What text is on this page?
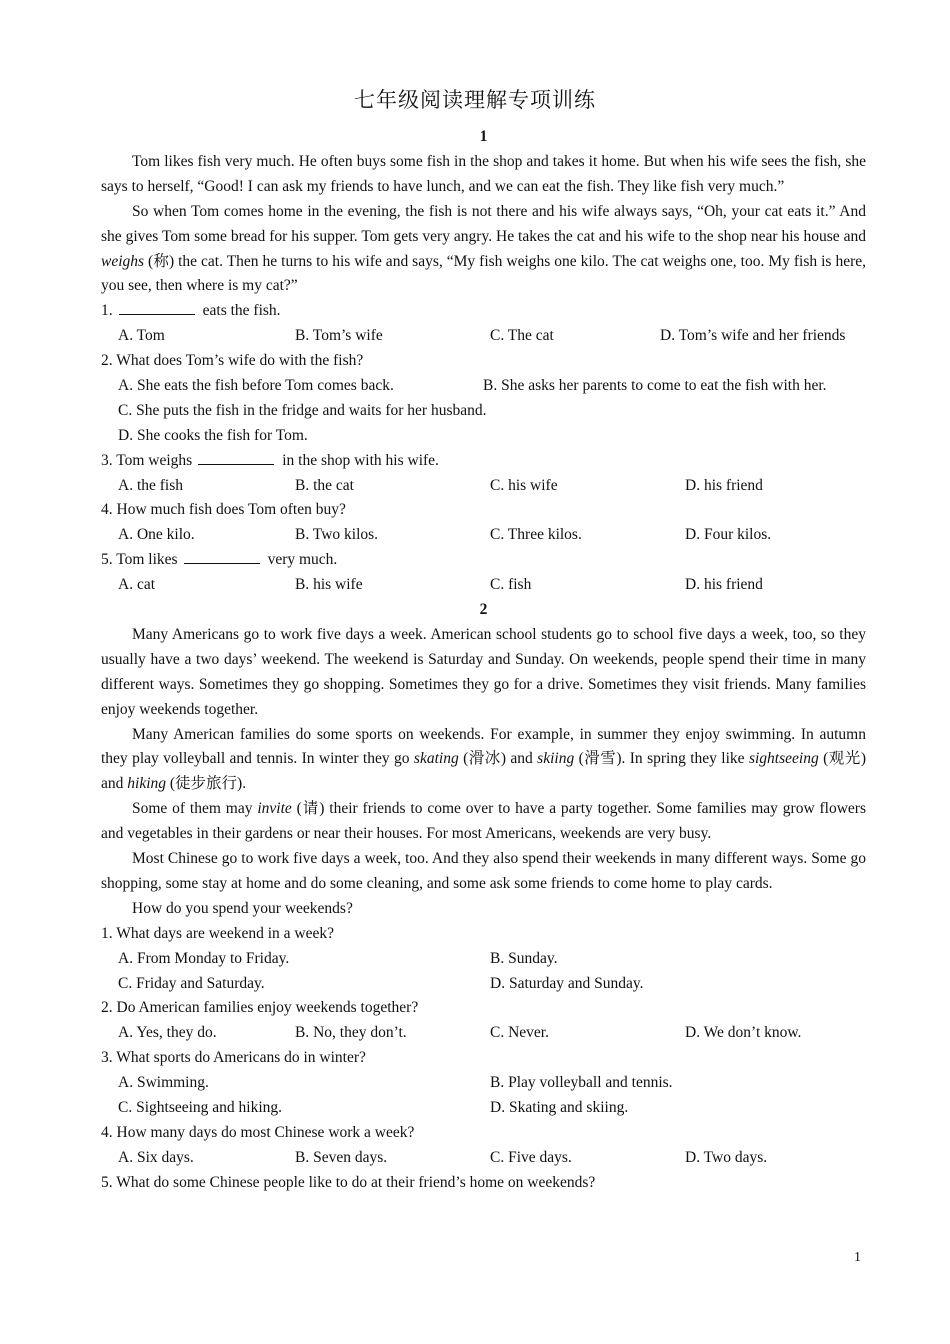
七年级阅读理解专项训练
1

Tom likes fish very much. He often buys some fish in the shop and takes it home. But when his wife sees the fish, she says to herself, “Good! I can ask my friends to have lunch, and we can eat the fish. They like fish very much.”

So when Tom comes home in the evening, the fish is not there and his wife always says, “Oh, your cat eats it.” And she gives Tom some bread for his supper. Tom gets very angry. He takes the cat and his wife to the shop near his house and weighs (称) the cat. Then he turns to his wife and says, “My fish weighs one kilo. The cat weighs one, too. My fish is here, you see, then where is my cat?”

1.	eats the fish.
A. Tom	B. Tom’s wife	C. The cat	D. Tom’s wife and her friends
2. What does Tom’s wife do with the fish?
A. She eats the fish before Tom comes back.	B. She asks her parents to come to eat the fish with her.
C. She puts the fish in the fridge and waits for her husband.
D. She cooks the fish for Tom.
3. Tom weighs	in the shop with his wife.
A. the fish	B. the cat	C. his wife	D. his friend
4. How much fish does Tom often buy?
A. One kilo.	B. Two kilos.	C. Three kilos.	D. Four kilos.
5. Tom likes	very much.
A. cat	B. his wife	C. fish	D. his friend
2

Many Americans go to work five days a week. American school students go to school five days a week, too, so they usually have a two days’ weekend. The weekend is Saturday and Sunday. On weekends, people spend their time in many different ways. Sometimes they go shopping. Sometimes they go for a drive. Sometimes they visit friends. Many families enjoy weekends together.

Many American families do some sports on weekends. For example, in summer they enjoy swimming. In autumn they play volleyball and tennis. In winter they go skating (滑冰) and skiing (滑雪). In spring they like sightseeing (观光) and hiking (徒步旅行).

Some of them may invite (请) their friends to come over to have a party together. Some families may grow flowers and vegetables in their gardens or near their houses. For most Americans, weekends are very busy.

Most Chinese go to work five days a week, too. And they also spend their weekends in many different ways. Some go shopping, some stay at home and do some cleaning, and some ask some friends to come home to play cards.

How do you spend your weekends?

1. What days are weekend in a week?
A. From Monday to Friday.	B. Sunday.
C. Friday and Saturday.	D. Saturday and Sunday.
2. Do American families enjoy weekends together?
A. Yes, they do.	B. No, they don’t.	C. Never.	D. We don’t know.
3. What sports do Americans do in winter?
A. Swimming.	B. Play volleyball and tennis.
C. Sightseeing and hiking.	D. Skating and skiing.
4. How many days do most Chinese work a week?
A. Six days.	B. Seven days.	C. Five days.	D. Two days.
5. What do some Chinese people like to do at their friend’s home on weekends?
1
